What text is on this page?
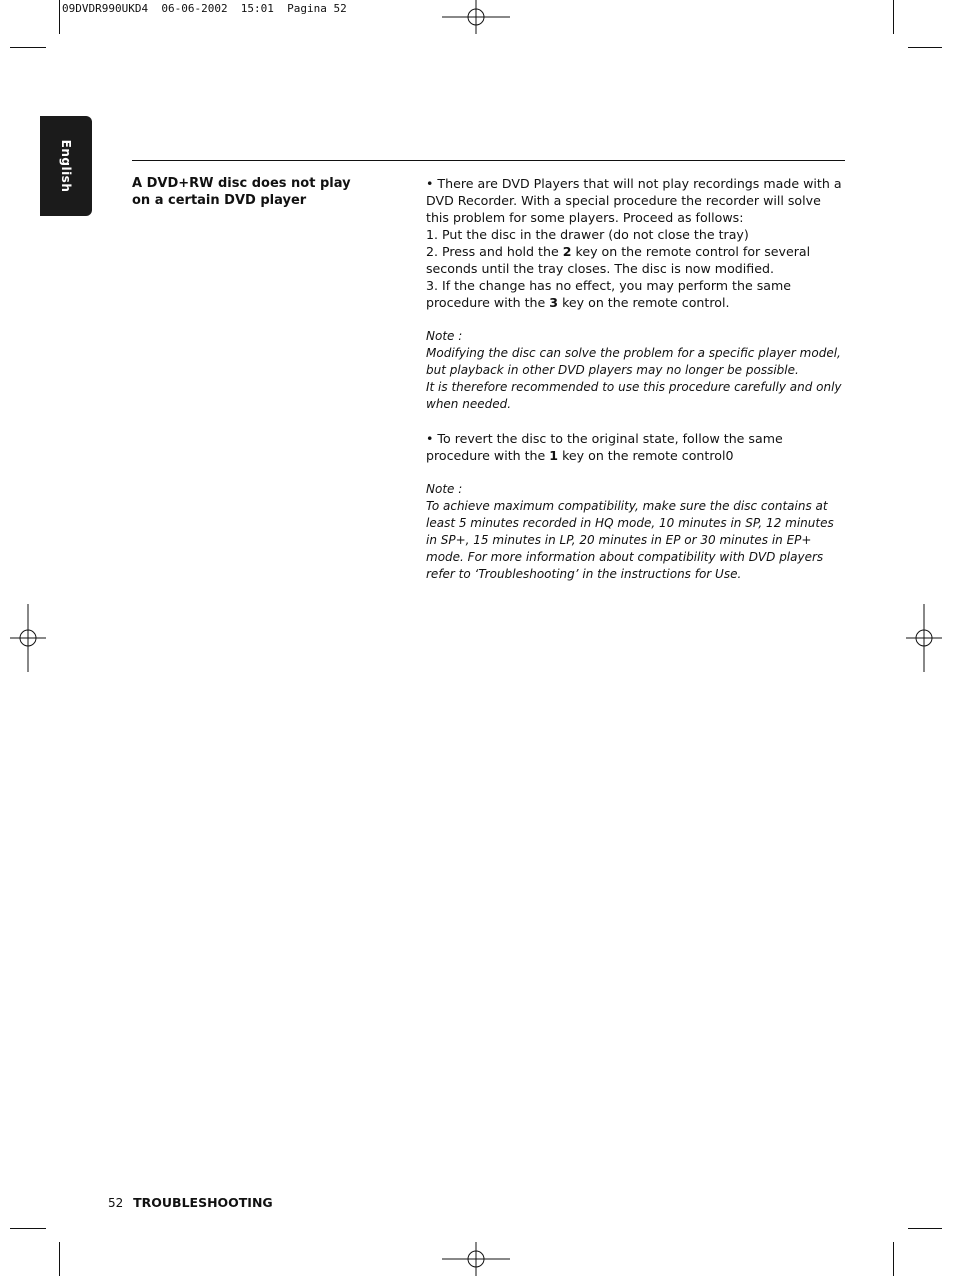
09DVDR990UKD4  06-06-2002  15:01  Pagina 52
English	A DVD+RW disc does not play
on a certain DVD player

• There are DVD Players that will not play recordings made with a DVD Recorder. With a special procedure the recorder will solve this problem for some players. Proceed as follows:

1. Put the disc in the drawer (do not close the tray)

2. Press and hold the 2 key on the remote control for several seconds until the tray closes. The disc is now modified.

3. If the change has no effect, you may perform the same procedure with the 3 key on the remote control.

Note :

Modifying the disc can solve the problem for a specific player model, but playback in other DVD players may no longer be possible.

It is therefore recommended to use this procedure carefully and only when needed.

• To revert the disc to the original state, follow the same procedure with the 1 key on the remote control0

Note :

To achieve maximum compatibility, make sure the disc contains at least 5 minutes recorded in HQ mode, 10 minutes in SP, 12 minutes in SP+, 15 minutes in LP, 20 minutes in EP or 30 minutes in EP+ mode. For more information about compatibility with DVD players refer to ‘Troubleshooting’ in the instructions for Use.

52 TROUBLESHOOTING
